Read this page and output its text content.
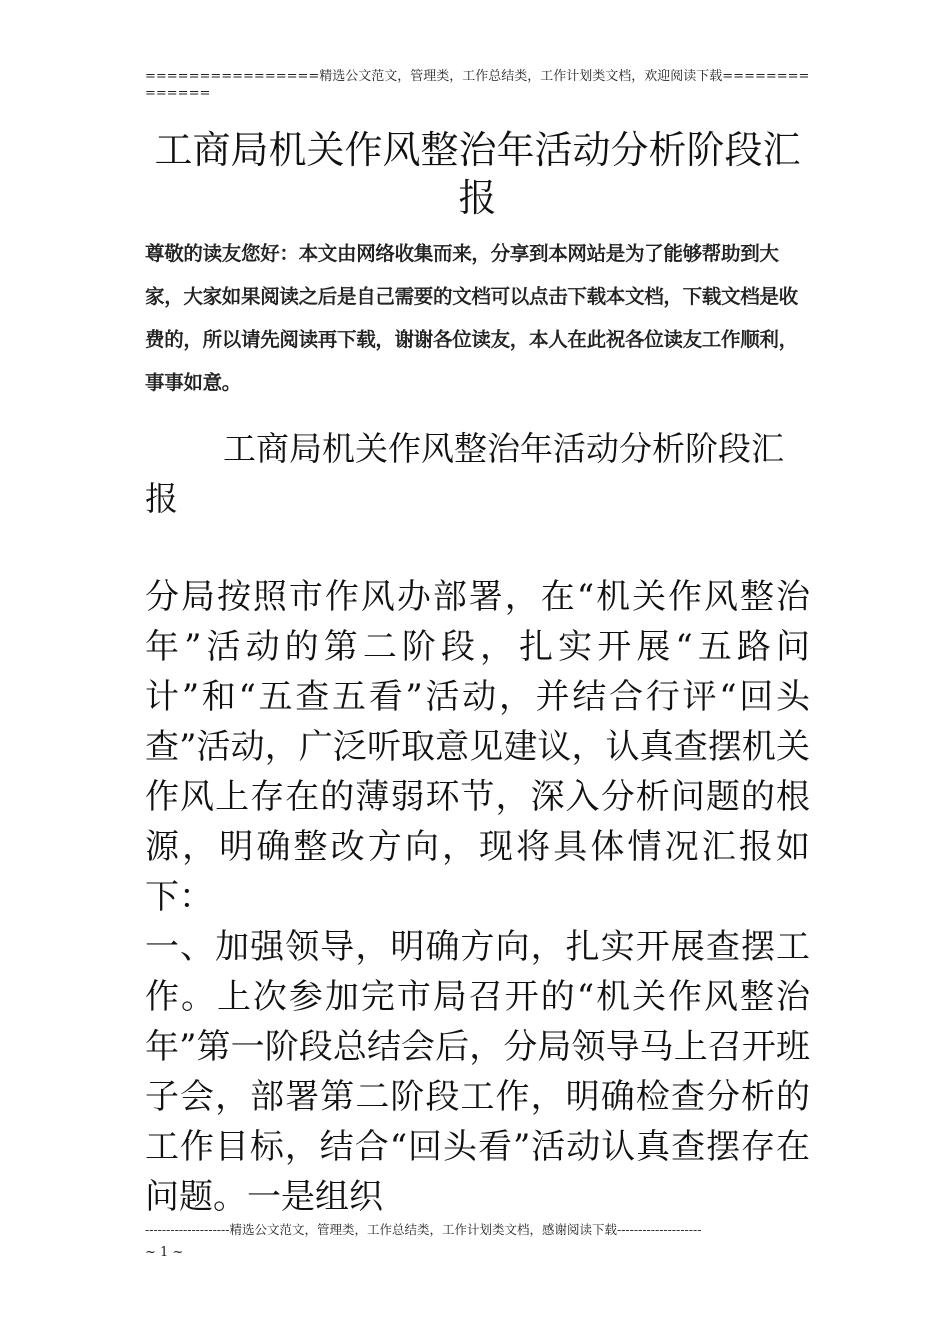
================精选公文范文，管理类，工作总结类，工作计划类文档，欢迎阅读下载==============
工商局机关作风整治年活动分析阶段汇报
尊敬的读友您好：本文由网络收集而来，分享到本网站是为了能够帮助到大家，大家如果阅读之后是自己需要的文档可以点击下载本文档，下载文档是收费的，所以请先阅读再下载，谢谢各位读友，本人在此祝各位读友工作顺利，事事如意。
工商局机关作风整治年活动分析阶段汇报

分局按照市作风办部署，在“机关作风整治年”活动的第二阶段，扎实开展“五路问计”和“五查五看”活动，并结合行评“回头查”活动，广泛听取意见建议，认真查摆机关作风上存在的薄弱环节，深入分析问题的根源，明确整改方向，现将具体情况汇报如下：

一、加强领导，明确方向，扎实开展查摆工作。上次参加完市局召开的“机关作风整治年”第一阶段总结会后，分局领导马上召开班子会，部署第二阶段工作，明确检查分析的工作目标，结合“回头看”活动认真查摆存在问题。一是组织

--------------------精选公文范文，管理类，工作总结类，工作计划类文档，感谢阅读下载--------------------
~ 1 ~
